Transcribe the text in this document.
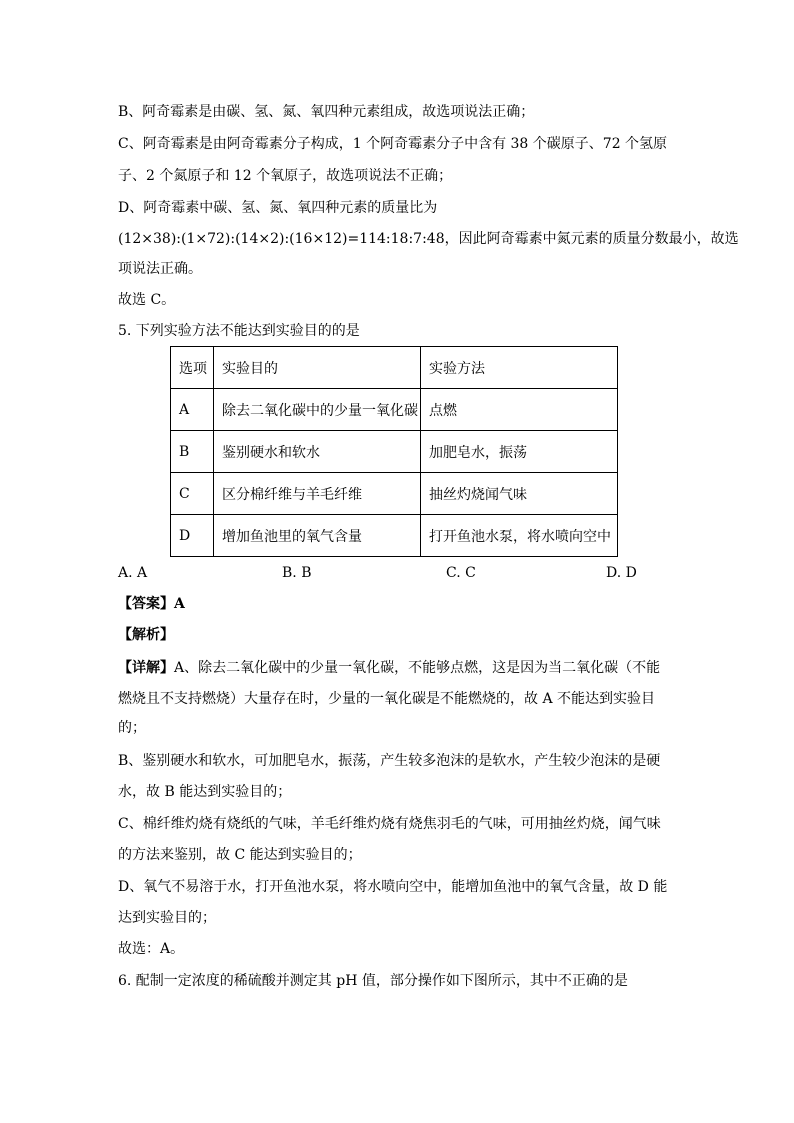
B、阿奇霉素是由碳、氢、氮、氧四种元素组成，故选项说法正确；
C、阿奇霉素是由阿奇霉素分子构成，1 个阿奇霉素分子中含有 38 个碳原子、72 个氢原
子、2 个氮原子和 12 个氧原子，故选项说法不正确；
D、阿奇霉素中碳、氢、氮、氧四种元素的质量比为
(12×38):(1×72):(14×2):(16×12)=114:18:7:48，因此阿奇霉素中氮元素的质量分数最小，故选
项说法正确。
故选 C。
5. 下列实验方法不能达到实验目的的是
选项	实验目的	实验方法
A	除去二氧化碳中的少量一氧化碳	点燃
B	鉴别硬水和软水	加肥皂水，振荡
C	区分棉纤维与羊毛纤维	抽丝灼烧闻气味
D	增加鱼池里的氧气含量	打开鱼池水泵，将水喷向空中
A. A	B. B	C. C	D. D
【答案】A
【解析】
【详解】A、除去二氧化碳中的少量一氧化碳，不能够点燃，这是因为当二氧化碳（不能
燃烧且不支持燃烧）大量存在时，少量的一氧化碳是不能燃烧的，故 A 不能达到实验目
的；
B、鉴别硬水和软水，可加肥皂水，振荡，产生较多泡沫的是软水，产生较少泡沫的是硬
水，故 B 能达到实验目的；
C、棉纤维灼烧有烧纸的气味，羊毛纤维灼烧有烧焦羽毛的气味，可用抽丝灼烧，闻气味
的方法来鉴别，故 C 能达到实验目的；
D、氧气不易溶于水，打开鱼池水泵，将水喷向空中，能增加鱼池中的氧气含量，故 D 能
达到实验目的；
故选：A。
6. 配制一定浓度的稀硫酸并测定其 pH 值，部分操作如下图所示，其中不正确的是
